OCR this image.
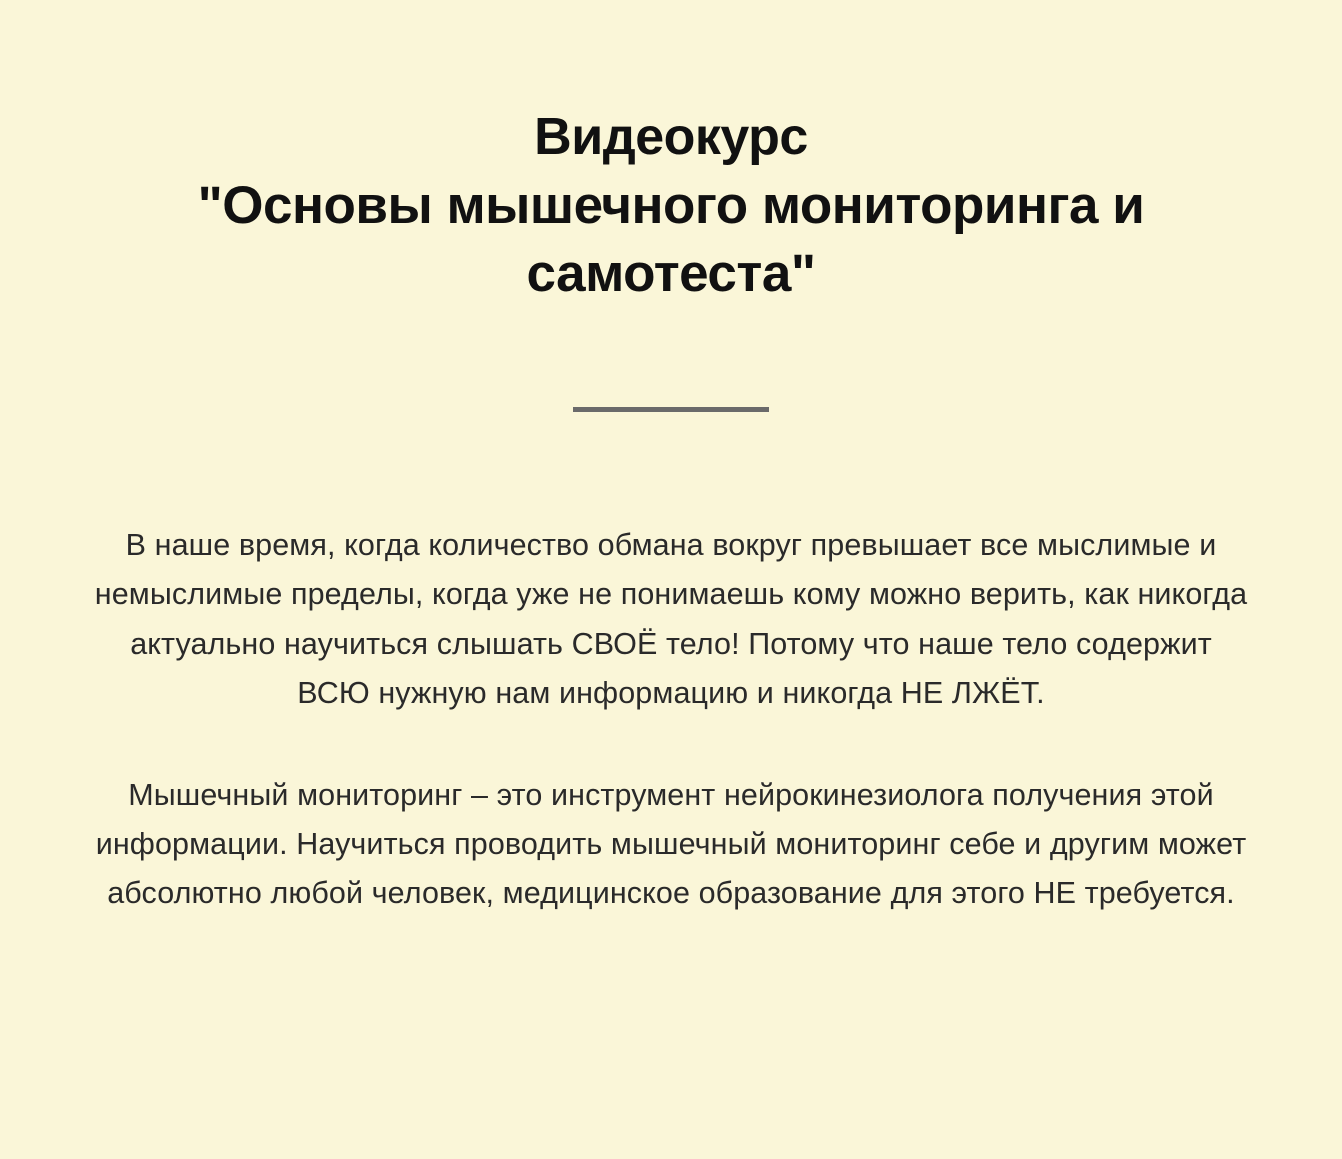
Видеокурс
"Основы мышечного мониторинга и
самотеста"

В наше время, когда количество обмана вокруг превышает все мыслимые и немыслимые пределы, когда уже не понимаешь кому можно верить, как никогда актуально научиться слышать СВОЁ тело! Потому что наше тело содержит ВСЮ нужную нам информацию и никогда НЕ ЛЖЁТ.

Мышечный мониторинг – это инструмент нейрокинезиолога получения этой информации. Научиться проводить мышечный мониторинг себе и другим может абсолютно любой человек, медицинское образование для этого НЕ требуется.
